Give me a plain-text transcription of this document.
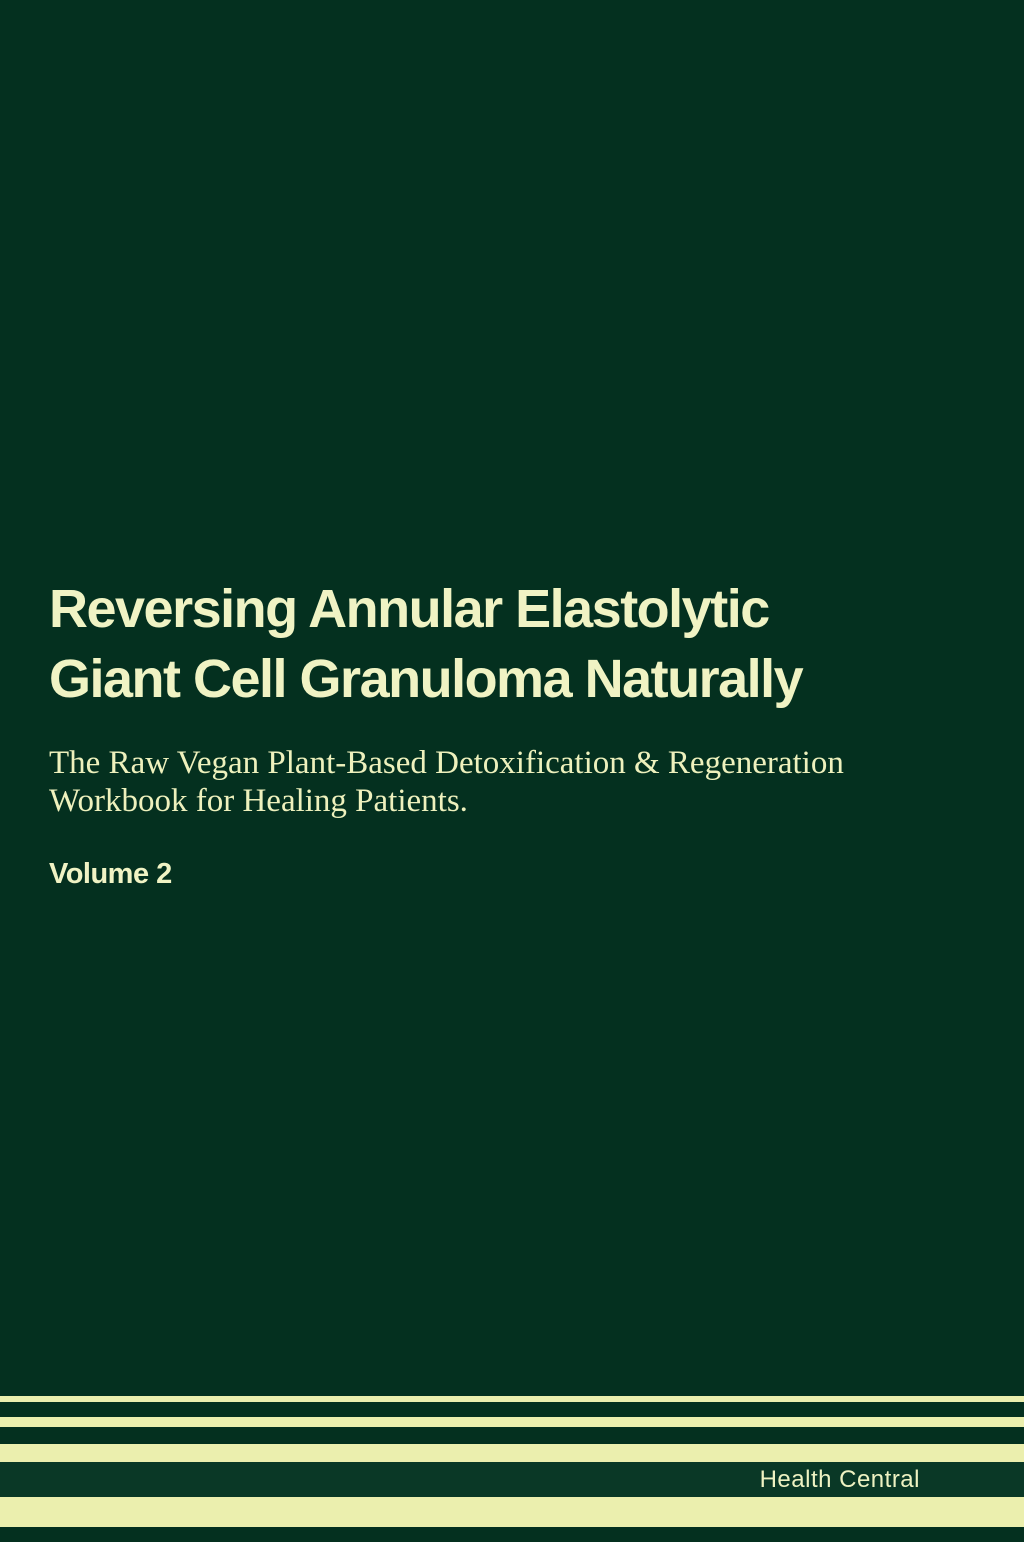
Reversing Annular Elastolytic
Giant Cell Granuloma Naturally

The Raw Vegan Plant-Based Detoxification & Regeneration
Workbook for Healing Patients.

Volume 2

Health Central
